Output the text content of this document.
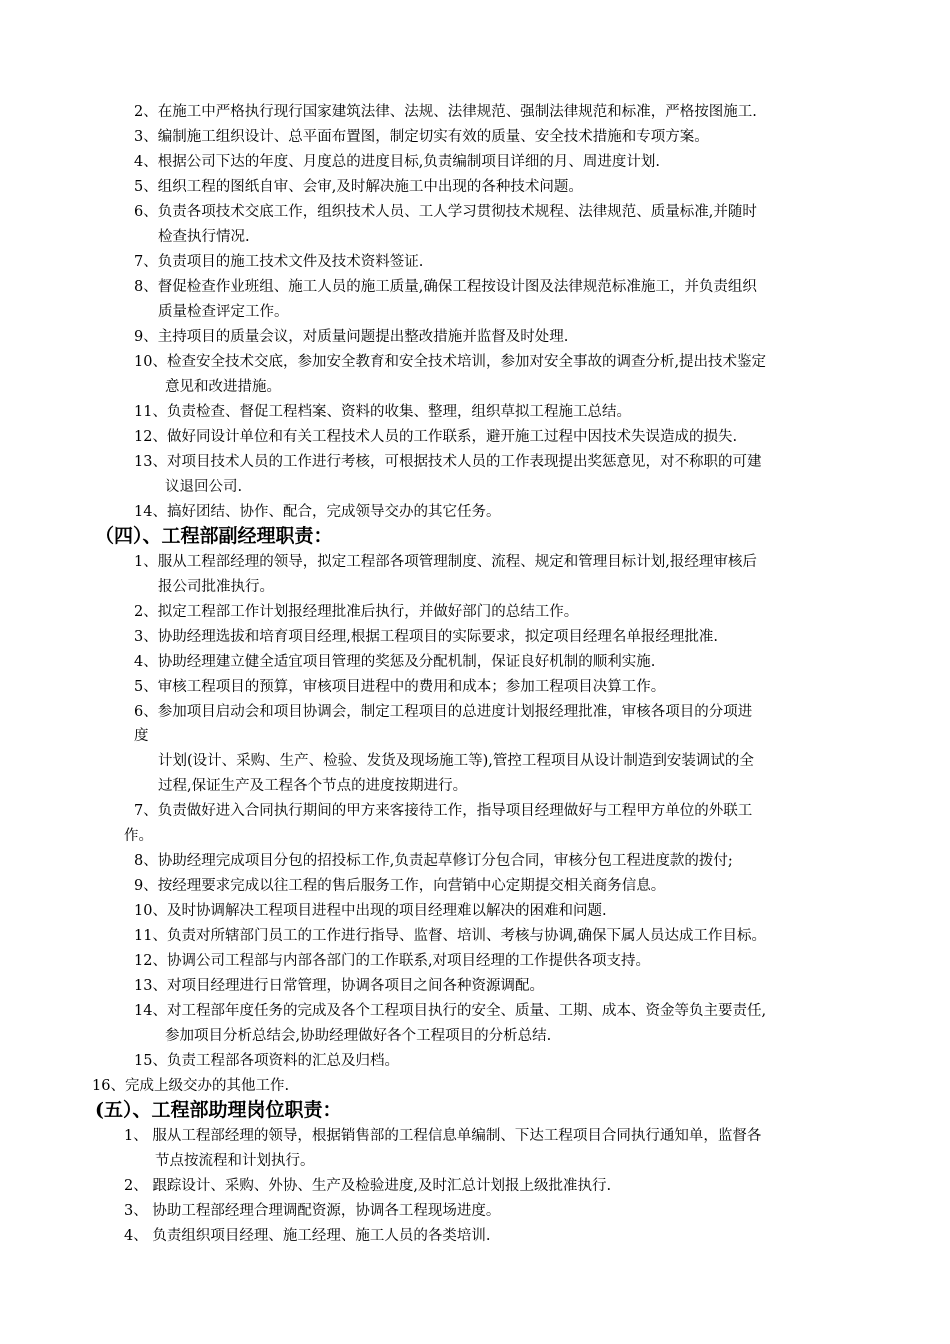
2、在施工中严格执行现行国家建筑法律、法规、法律规范、强制法律规范和标准，严格按图施工.
3、编制施工组织设计、总平面布置图，制定切实有效的质量、安全技术措施和专项方案。
4、根据公司下达的年度、月度总的进度目标,负责编制项目详细的月、周进度计划.
5、组织工程的图纸自审、会审,及时解决施工中出现的各种技术问题。
6、负责各项技术交底工作，组织技术人员、工人学习贯彻技术规程、法律规范、质量标准,并随时
检查执行情况.
7、负责项目的施工技术文件及技术资料签证.
8、督促检查作业班组、施工人员的施工质量,确保工程按设计图及法律规范标准施工，并负责组织
质量检查评定工作。
9、主持项目的质量会议，对质量问题提出整改措施并监督及时处理.
10、检查安全技术交底，参加安全教育和安全技术培训，参加对安全事故的调查分析,提出技术鉴定
意见和改进措施。
11、负责检查、督促工程档案、资料的收集、整理，组织草拟工程施工总结。
12、做好同设计单位和有关工程技术人员的工作联系，避开施工过程中因技术失误造成的损失.
13、对项目技术人员的工作进行考核，可根据技术人员的工作表现提出奖惩意见，对不称职的可建
议退回公司.
14、搞好团结、协作、配合，完成领导交办的其它任务。
（四）、工程部副经理职责：
1、服从工程部经理的领导，拟定工程部各项管理制度、流程、规定和管理目标计划,报经理审核后
报公司批准执行。
2、拟定工程部工作计划报经理批准后执行，并做好部门的总结工作。
3、协助经理选拔和培育项目经理,根据工程项目的实际要求，拟定项目经理名单报经理批准.
4、协助经理建立健全适宜项目管理的奖惩及分配机制，保证良好机制的顺利实施.
5、审核工程项目的预算，审核项目进程中的费用和成本；参加工程项目决算工作。
6、参加项目启动会和项目协调会，制定工程项目的总进度计划报经理批准，审核各项目的分项进
度
计划(设计、采购、生产、检验、发货及现场施工等),管控工程项目从设计制造到安装调试的全
过程,保证生产及工程各个节点的进度按期进行。
7、负责做好进入合同执行期间的甲方来客接待工作，指导项目经理做好与工程甲方单位的外联工
作。
8、协助经理完成项目分包的招投标工作,负责起草修订分包合同，审核分包工程进度款的拨付;
9、按经理要求完成以往工程的售后服务工作，向营销中心定期提交相关商务信息。
10、及时协调解决工程项目进程中出现的项目经理难以解决的困难和问题.
11、负责对所辖部门员工的工作进行指导、监督、培训、考核与协调,确保下属人员达成工作目标。
12、协调公司工程部与内部各部门的工作联系,对项目经理的工作提供各项支持。
13、对项目经理进行日常管理，协调各项目之间各种资源调配。
14、对工程部年度任务的完成及各个工程项目执行的安全、质量、工期、成本、资金等负主要责任,
参加项目分析总结会,协助经理做好各个工程项目的分析总结.
15、负责工程部各项资料的汇总及归档。
16、完成上级交办的其他工作.
(五）、工程部助理岗位职责：
1、 服从工程部经理的领导，根据销售部的工程信息单编制、下达工程项目合同执行通知单，监督各
节点按流程和计划执行。
2、 跟踪设计、采购、外协、生产及检验进度,及时汇总计划报上级批准执行.
3、 协助工程部经理合理调配资源，协调各工程现场进度。
4、 负责组织项目经理、施工经理、施工人员的各类培训.
